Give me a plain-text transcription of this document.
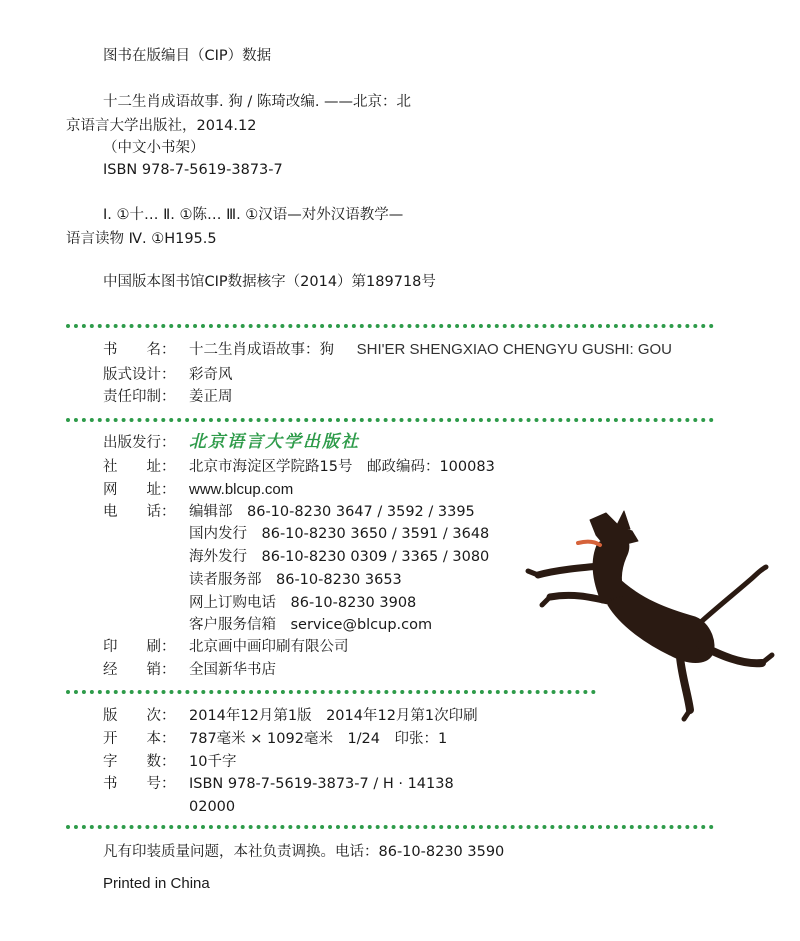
图书在版编目（CIP）数据
十二生肖成语故事. 狗 / 陈琦改编. ——北京：北
京语言大学出版社，2014.12
（中文小书架）
ISBN 978-7-5619-3873-7
Ⅰ. ①十… Ⅱ. ①陈… Ⅲ. ①汉语—对外汉语教学—
语言读物 Ⅳ. ①H195.5
中国版本图书馆CIP数据核字（2014）第189718号
书　　名： 十二生肖成语故事：狗 SHI'ER SHENGXIAO CHENGYU GUSHI: GOU
版式设计： 彩奇风
责任印制： 姜正周
出版发行： 北京语言大学出版社
社　　址： 北京市海淀区学院路15号　邮政编码：100083
网　　址： www.blcup.com
电　　话： 编辑部　86-10-8230 3647 / 3592 / 3395
国内发行　86-10-8230 3650 / 3591 / 3648
海外发行　86-10-8230 0309 / 3365 / 3080
读者服务部　86-10-8230 3653
网上订购电话　86-10-8230 3908
客户服务信箱　service@blcup.com
印　　刷： 北京画中画印刷有限公司
经　　销： 全国新华书店
版　　次： 2014年12月第1版　2014年12月第1次印刷
开　　本： 787毫米 × 1092毫米　1/24　印张：1
字　　数： 10千字
书　　号： ISBN 978-7-5619-3873-7 / H · 14138
02000
凡有印装质量问题，本社负责调换。电话：86-10-8230 3590
Printed in China
